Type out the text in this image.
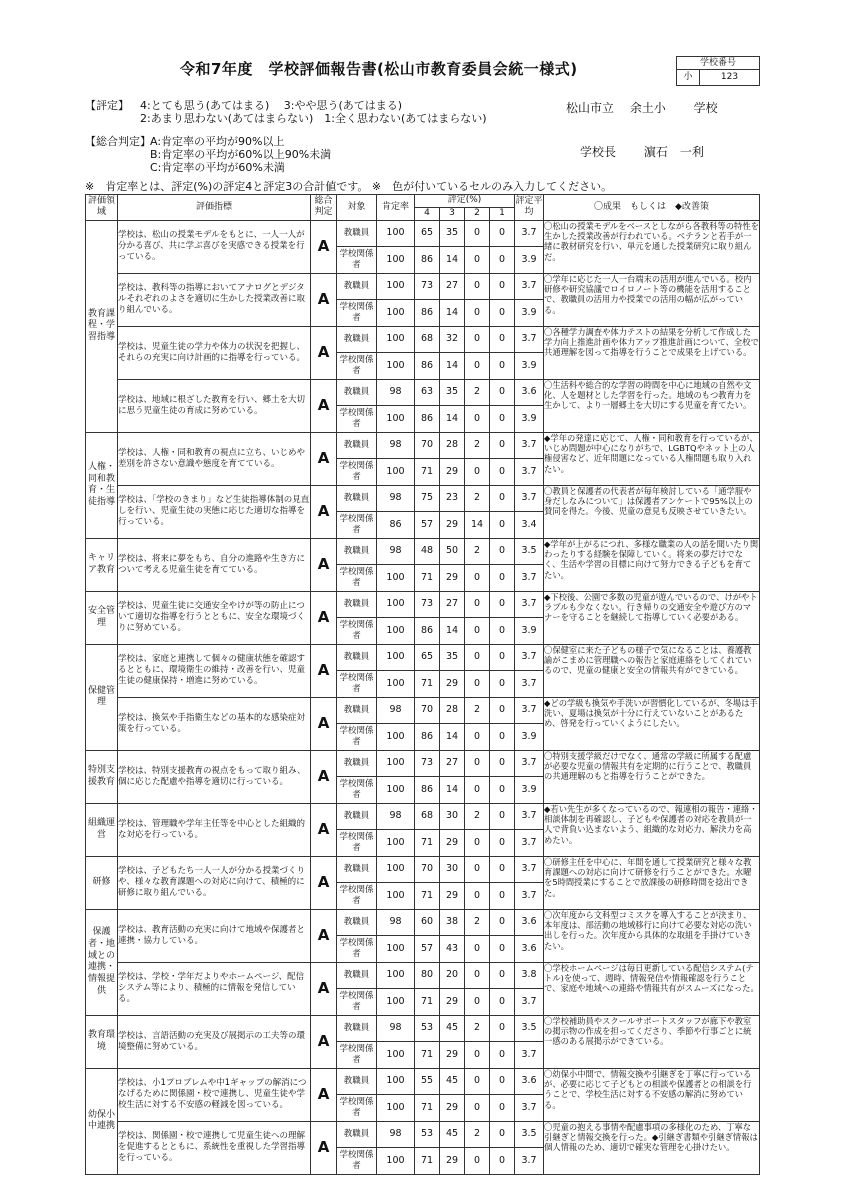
令和7年度　学校評価報告書(松山市教育委員会統一様式)	学校番号
小	123
【評定】 4:とても思う(あてはまる)　 3:やや思う(あてはまる)
2:あまり思わない(あてはまらない)　1:全く思わない(あてはまらない)
【総合判定】 A:肯定率の平均が90%以上
B:肯定率の平均が60%以上90%未満
C:肯定率の平均が60%未満
松山市立　 余土小　　 学校
学校長　　 濵石　一利
※　肯定率とは、評定(%)の評定4と評定3の合計値です。 ※　色が付いているセルのみ入力してください。
評価領域	評価指標	総合判定	対象	肯定率	評定(%)				評定平均	〇成果　もしくは　◆改善策
					4	3	2	1		
教育課程・学習指導	学校は、松山の授業モデルをもとに、一人一人が分かる喜び、共に学ぶ喜びを実感できる授業を行っている。	A	教職員	100	65	35	0	0	3.7	〇松山の授業モデルをベースとしながら各教科等の特性を生かした授業改善が行われている。ベテランと若手が一緒に教材研究を行い、単元を通した授業研究に取り組んだ。

			学校関係者	100	86	14	0	0	3.9	
	学校は、教科等の指導においてアナログとデジタルそれぞれのよさを適切に生かした授業改善に取り組んでいる。	A	教職員	100	73	27	0	0	3.7	〇学年に応じた一人一台端末の活用が進んでいる。校内研修や研究協議でロイロノート等の機能を活用することで、教職員の活用力や授業での活用の幅が広がっている。

			学校関係者	100	86	14	0	0	3.9	
	学校は、児童生徒の学力や体力の状況を把握し、それらの充実に向け計画的に指導を行っている。	A	教職員	100	68	32	0	0	3.7	〇各種学力調査や体力テストの結果を分析して作成した学力向上推進計画や体力アップ推進計画について、全校で共通理解を図って指導を行うことで成果を上げている。

			学校関係者	100	86	14	0	0	3.9	
	学校は、地域に根ざした教育を行い、郷土を大切に思う児童生徒の育成に努めている。	A	教職員	98	63	35	2	0	3.6	〇生活科や総合的な学習の時間を中心に地域の自然や文化、人を題材とした学習を行った。地域のもつ教育力を生かして、より一層郷土を大切にする児童を育てたい。

			学校関係者	100	86	14	0	0	3.9	
人権・同和教育・生徒指導	学校は、人権・同和教育の視点に立ち、いじめや差別を許さない意識や態度を育てている。	A	教職員	98	70	28	2	0	3.7	◆学年の発達に応じて、人権・同和教育を行っているが、いじめ問題が中心になりがちで、LGBTQやネット上の人権侵害など、近年問題になっている人権問題も取り入れたい。

			学校関係者	100	71	29	0	0	3.7	
	学校は、「学校のきまり」など生徒指導体制の見直しを行い、児童生徒の実態に応じた適切な指導を行っている。	A	教職員	98	75	23	2	0	3.7	〇教員と保護者の代表者が毎年検討している「通学服や身だしなみについて」は保護者アンケートで95%以上の賛同を得た。今後、児童の意見も反映させていきたい。

			学校関係者	86	57	29	14	0	3.4	
キャリア教育	学校は、将来に夢をもち、自分の進路や生き方について考える児童生徒を育てている。	A	教職員	98	48	50	2	0	3.5	◆学年が上がるにつれ、多様な職業の人の話を聞いたり関わったりする経験を保障していく。将来の夢だけでなく、生活や学習の目標に向けて努力できる子どもを育てたい。

			学校関係者	100	71	29	0	0	3.7	
安全管理	学校は、児童生徒に交通安全やけが等の防止について適切な指導を行うとともに、安全な環境づくりに努めている。	A	教職員	100	73	27	0	0	3.7	◆下校後、公園で多数の児童が遊んでいるので、けがやトラブルも少なくない。行き帰りの交通安全や遊び方のマナーを守ることを継続して指導していく必要がある。

			学校関係者	100	86	14	0	0	3.9	
保健管理	学校は、家庭と連携して個々の健康状態を確認するとともに、環境衛生の維持・改善を行い、児童生徒の健康保持・増進に努めている。	A	教職員	100	65	35	0	0	3.7	〇保健室に来た子どもの様子で気になることは、養護教諭がこまめに管理職への報告と家庭連絡をしてくれているので、児童の健康と安全の情報共有ができている。

			学校関係者	100	71	29	0	0	3.7	
	学校は、換気や手指衛生などの基本的な感染症対策を行っている。	A	教職員	98	70	28	2	0	3.7	◆どの学級も換気や手洗いが習慣化しているが、冬場は手洗い、夏場は換気が十分に行えていないことがあるため、啓発を行っていくようにしたい。

			学校関係者	100	86	14	0	0	3.9	
特別支援教育	学校は、特別支援教育の視点をもって取り組み、個に応じた配慮や指導を適切に行っている。	A	教職員	100	73	27	0	0	3.7	〇特別支援学級だけでなく、通常の学級に所属する配慮が必要な児童の情報共有を定期的に行うことで、教職員の共通理解のもと指導を行うことができた。

			学校関係者	100	86	14	0	0	3.9	
組織運営	学校は、管理職や学年主任等を中心とした組織的な対応を行っている。	A	教職員	98	68	30	2	0	3.7	◆若い先生が多くなっているので、報連相の報告・連絡・相談体制を再確認し、子どもや保護者の対応を教員が一人で背負い込まないよう、組織的な対応力、解決力を高めたい。

			学校関係者	100	71	29	0	0	3.7	
研修	学校は、子どもたち一人一人が分かる授業づくりや、様々な教育課題への対応に向けて、積極的に研修に取り組んでいる。	A	教職員	100	70	30	0	0	3.7	〇研修主任を中心に、年間を通して授業研究と様々な教育課題への対応に向けて研修を行うことができた。水曜を5時間授業にすることで放課後の研修時間を捻出できた。

			学校関係者	100	71	29	0	0	3.7	
保護者・地域との連携・情報提供	学校は、教育活動の充実に向けて地域や保護者と連携・協力している。	A	教職員	98	60	38	2	0	3.6	〇次年度から文科型コミスクを導入することが決まり、本年度は、部活動の地域移行に向けて必要な対応の洗い出しを行った。次年度から具体的な取組を手掛けていきたい。

			学校関係者	100	57	43	0	0	3.6	
	学校は、学校・学年だよりやホームページ、配信システム等により、積極的に情報を発信している。	A	教職員	100	80	20	0	0	3.8	〇学校ホームページは毎日更新している配信システム(テトル)を使って、週時、情報発信や情報確認を行うことで、家庭や地域への連絡や情報共有がスムーズになった。

			学校関係者	100	71	29	0	0	3.7	
教育環境	学校は、言語活動の充実及び展掲示の工夫等の環境整備に努めている。	A	教職員	98	53	45	2	0	3.5	〇学校補助員やスクールサポートスタッフが廊下や教室の掲示物の作成を担ってくださり、季節や行事ごとに統一感のある展掲示ができている。

			学校関係者	100	71	29	0	0	3.7	
幼保小中連携	学校は、小1プロブレムや中1ギャップの解消につなげるために関係園・校で連携し、児童生徒や学校生活に対する不安感の軽減を図っている。	A	教職員	100	55	45	0	0	3.6	〇幼保小中間で、情報交換や引継ぎを丁寧に行っているが、必要に応じて子どもとの相談や保護者との相談を行うことで、学校生活に対する不安感の解消に努めている。

			学校関係者	100	71	29	0	0	3.7	
	学校は、関係園・校で連携して児童生徒への理解を促進するとともに、系統性を重視した学習指導を行っている。	A	教職員	98	53	45	2	0	3.5	〇児童の抱える事情や配慮事項の多様化のため、丁寧な引継ぎと情報交換を行った。◆引継ぎ書類や引継ぎ情報は個人情報のため、適切で確実な管理を心掛けたい。

			学校関係者	100	71	29	0	0	3.7	
